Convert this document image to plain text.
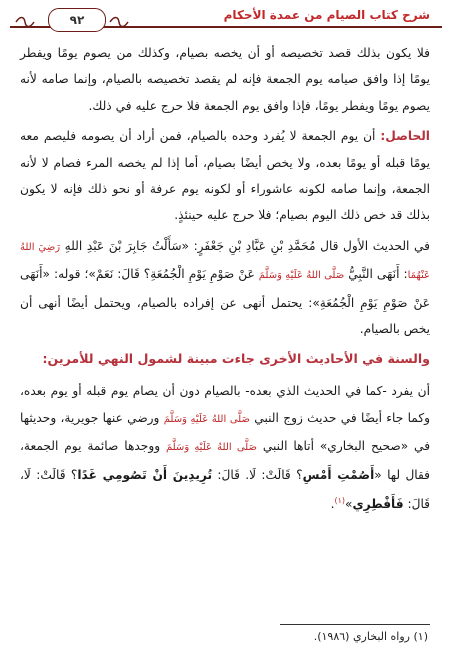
٩٢	شرح كتاب الصيام من عمدة الأحكام

فلا يكون بذلك قصد تخصيصه أو أن يخصه بصيام، وكذلك من يصوم يومًا ويفطر يومًا إذا وافق صيامه يوم الجمعة فإنه لم يقصد تخصيصه بالصيام، وإنما صامه لأنه يصوم يومًا ويفطر يومًا، فإذا وافق يوم الجمعة فلا حرج عليه في ذلك.

الحاصل: أن يوم الجمعة لا يُفرد وحده بالصيام، فمن أراد أن يصومه فليصم معه يومًا قبله أو يومًا بعده، ولا يخص أيضًا بصيام، أما إذا لم يخصه المرء فصام لا لأنه الجمعة، وإنما صامه لكونه عاشوراء أو لكونه يوم عرفة أو نحو ذلك فإنه لا يكون بذلك قد خص ذلك اليوم بصيام؛ فلا حرج عليه حينئذٍ.

في الحديث الأول قال مُحَمَّدِ بْنِ عَبَّادِ بْنِ جَعْفَرٍ: «سَأَلْتُ جَابِرَ بْنَ عَبْدِ اللهِ رَضِيَ اللهُ عَنْهُمَا: أَنَهَى النَّبِيُّ صَلَّى اللهُ عَلَيْهِ وَسَلَّمَ عَنْ صَوْمِ يَوْمِ الْجُمُعَةِ؟ قَالَ: نَعَمْ»؛ قوله: «أَنَهَى عَنْ صَوْمِ يَوْمِ الْجُمُعَةِ»: يحتمل أنهى عن إفراده بالصيام، ويحتمل أيضًا أنهى أن يخص بالصيام.

والسنة في الأحاديث الأخرى جاءت مبينة لشمول النهي للأمرين:

أن يفرد -كما في الحديث الذي بعده- بالصيام دون أن يصام يوم قبله أو يوم بعده، وكما جاء أيضًا في حديث زوج النبي صَلَّى اللهُ عَلَيْهِ وَسَلَّمَ ورضي عنها جويرية، وحديثها في «صحيح البخاري» أتاها النبي صَلَّى اللهُ عَلَيْهِ وَسَلَّمَ ووجدها صائمة يوم الجمعة، فقال لها «أَصُمْتِ أَمْسِ؟ قَالَتْ: لَا. قَالَ: تُرِيدِينَ أَنْ تَصُومِي غَدًا؟ قَالَتْ: لَا، قَالَ: فَأَفْطِرِي»$^{(١)}$.

(١) رواه البخاري (١٩٨٦).
